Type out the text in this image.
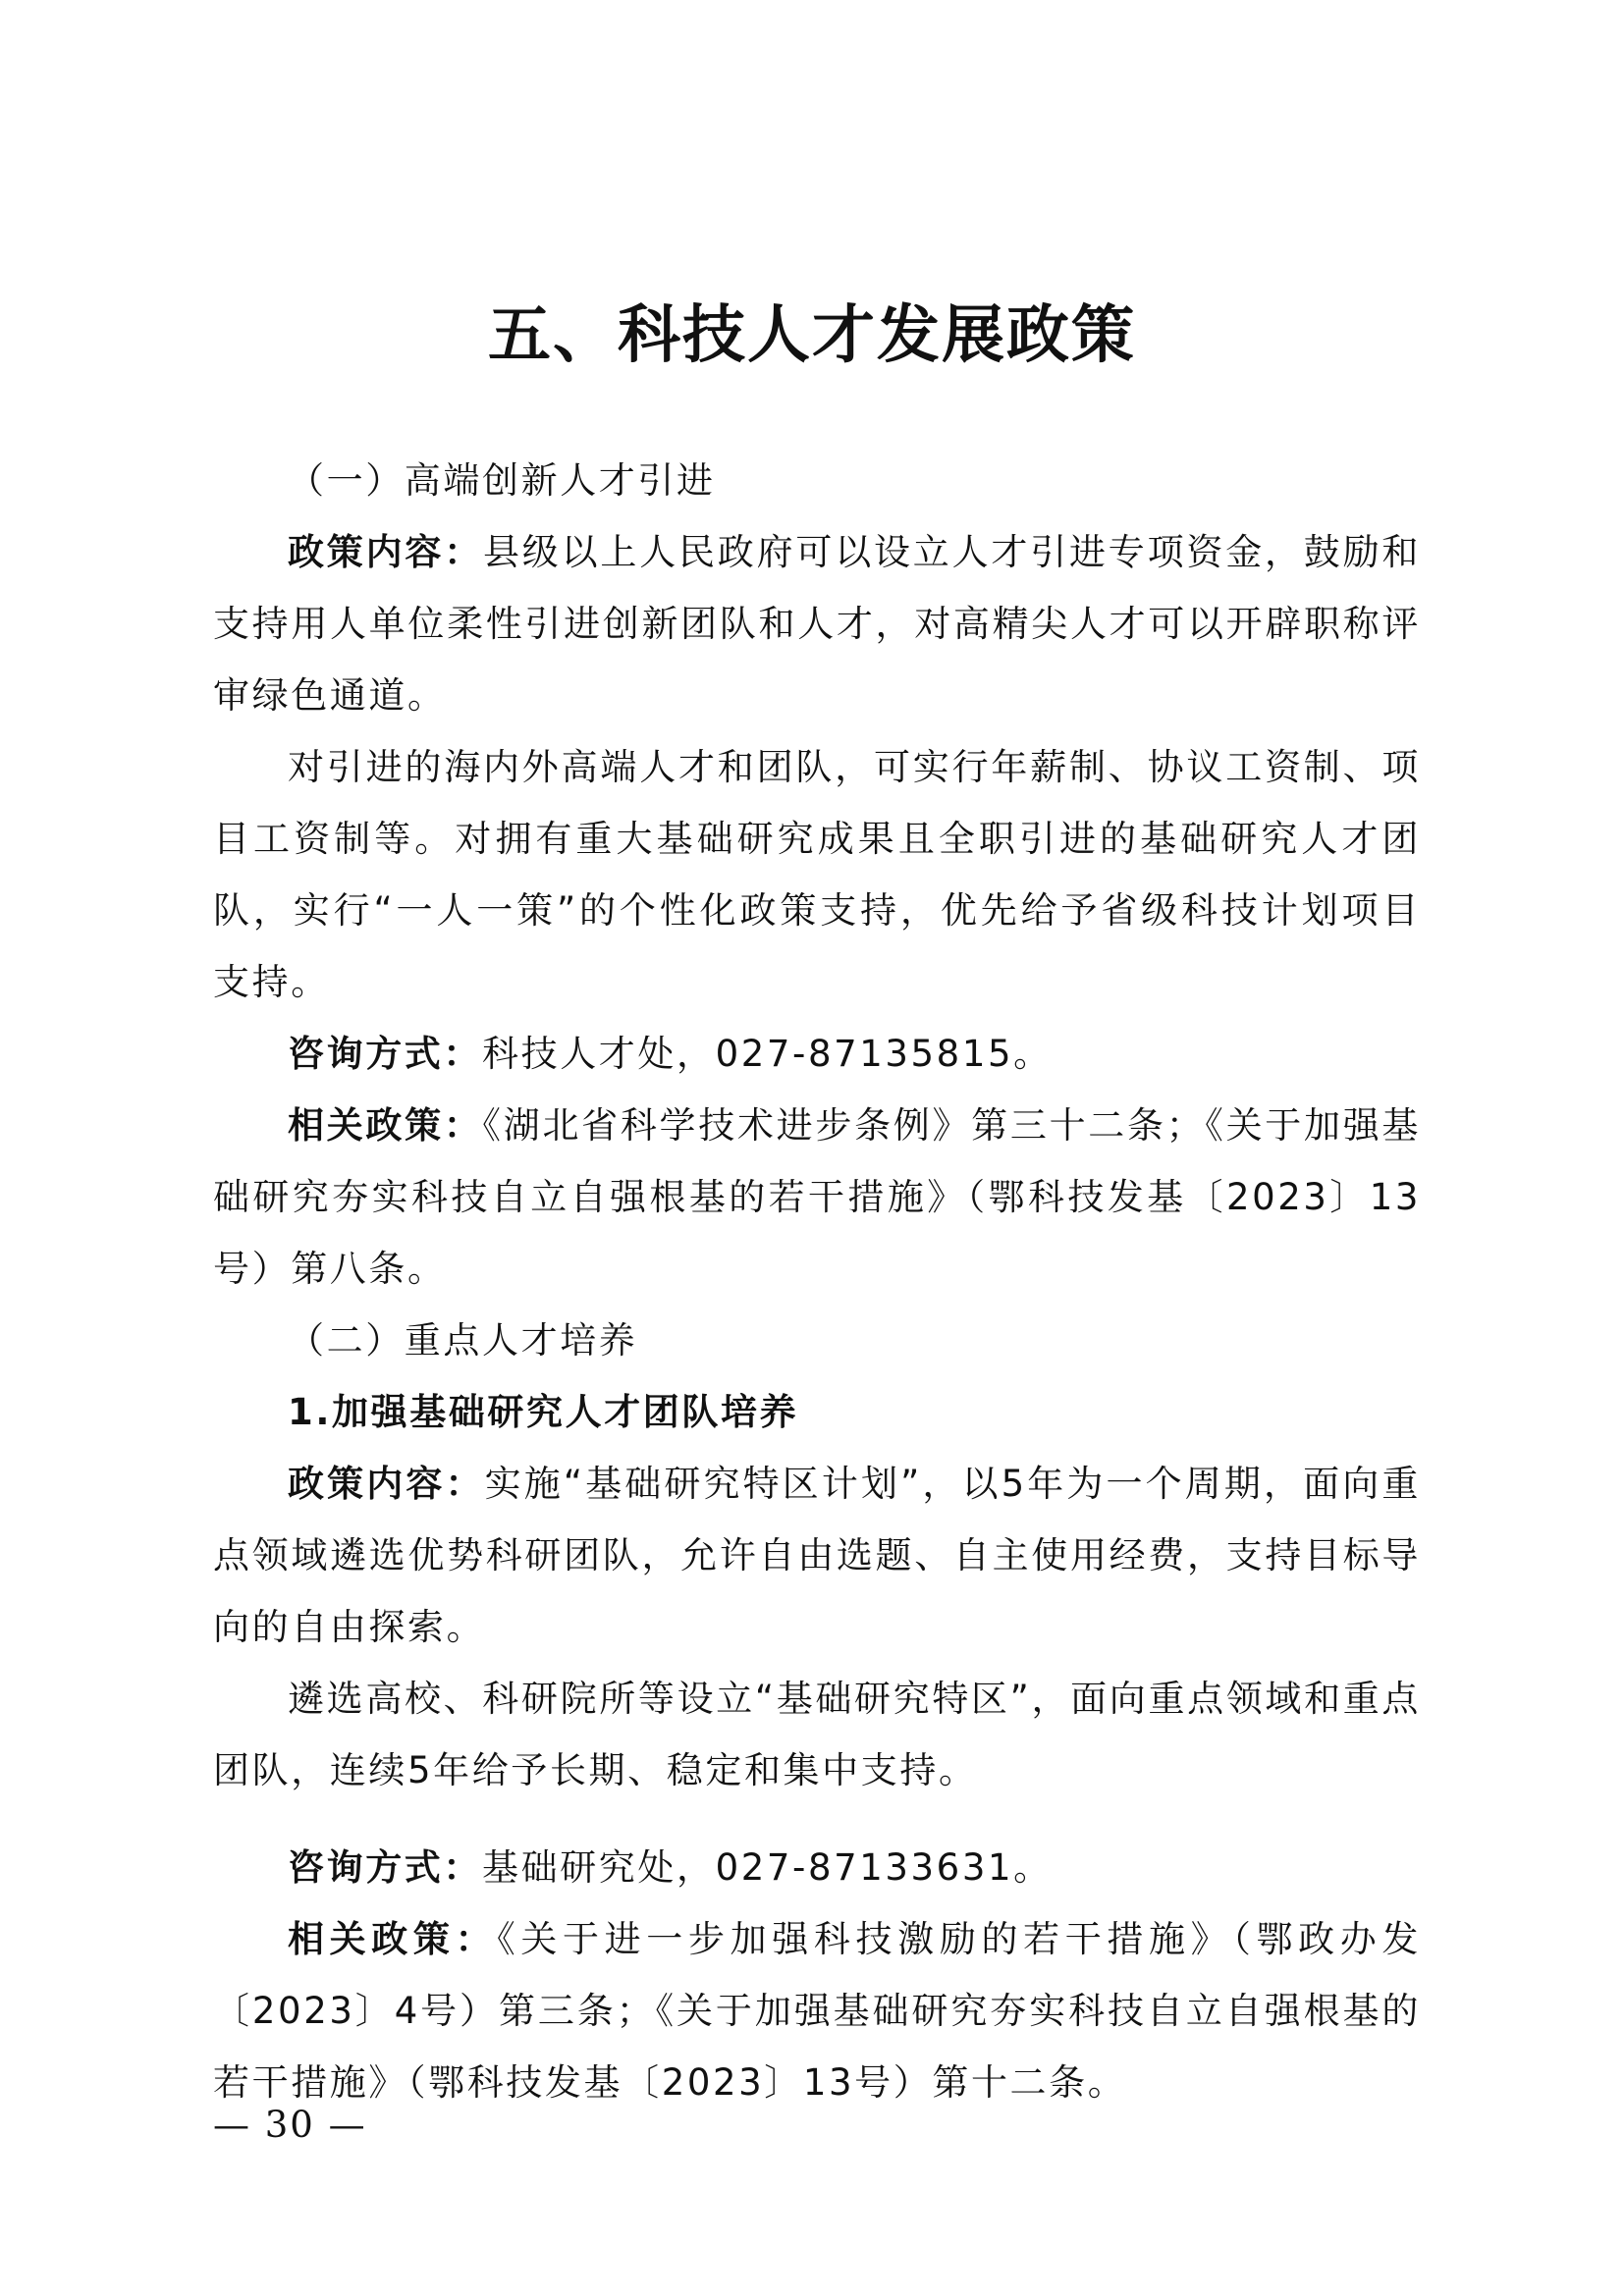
五、科技人才发展政策

（一）高端创新人才引进

政策内容：县级以上人民政府可以设立人才引进专项资金，鼓励和支持用人单位柔性引进创新团队和人才，对高精尖人才可以开辟职称评审绿色通道。

对引进的海内外高端人才和团队，可实行年薪制、协议工资制、项目工资制等。对拥有重大基础研究成果且全职引进的基础研究人才团队，实行“一人一策”的个性化政策支持，优先给予省级科技计划项目支持。

咨询方式：科技人才处，027-87135815。

相关政策：《湖北省科学技术进步条例》第三十二条；《关于加强基础研究夯实科技自立自强根基的若干措施》（鄂科技发基〔2023〕13号）第八条。

（二）重点人才培养

1.加强基础研究人才团队培养

政策内容：实施“基础研究特区计划”，以5年为一个周期，面向重点领域遴选优势科研团队，允许自由选题、自主使用经费，支持目标导向的自由探索。

遴选高校、科研院所等设立“基础研究特区”，面向重点领域和重点团队，连续5年给予长期、稳定和集中支持。

咨询方式：基础研究处，027-87133631。

相关政策：《关于进一步加强科技激励的若干措施》（鄂政办发〔2023〕4号）第三条；《关于加强基础研究夯实科技自立自强根基的若干措施》（鄂科技发基〔2023〕13号）第十二条。

— 30 —
